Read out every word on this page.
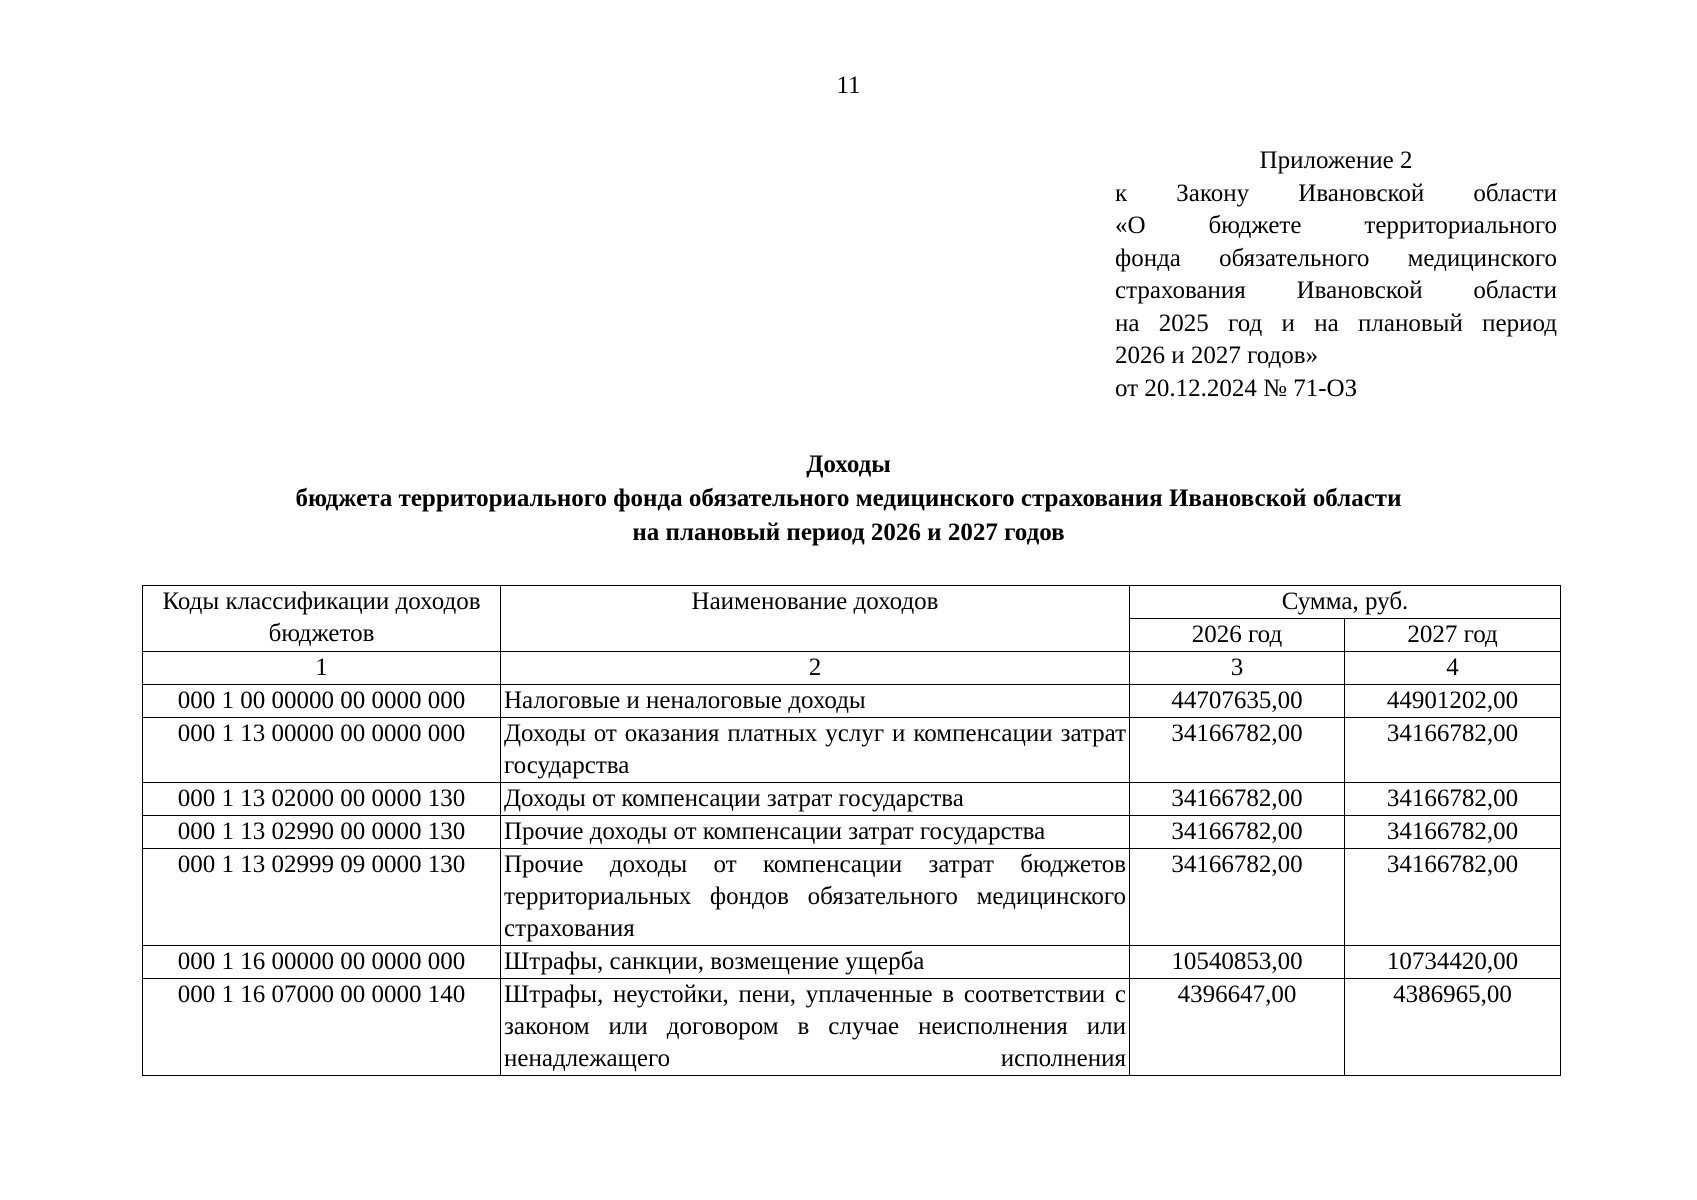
11
Приложение 2
к Закону Ивановской области
«О бюджете территориального
фонда обязательного медицинского
страхования Ивановской области
на 2025 год и на плановый период
2026 и 2027 годов»
от 20.12.2024 № 71-ОЗ
Доходы
бюджета территориального фонда обязательного медицинского страхования Ивановской области
на плановый период 2026 и 2027 годов
Коды классификации доходов бюджетов	Наименование доходов	Сумма, руб.	
		2026 год	2027 год
1	2	3	4
000 1 00 00000 00 0000 000	Налоговые и неналоговые доходы	44707635,00	44901202,00
000 1 13 00000 00 0000 000	Доходы от оказания платных услуг и компенсации затрат государства	34166782,00	34166782,00
000 1 13 02000 00 0000 130	Доходы от компенсации затрат государства	34166782,00	34166782,00
000 1 13 02990 00 0000 130	Прочие доходы от компенсации затрат государства	34166782,00	34166782,00
000 1 13 02999 09 0000 130	Прочие доходы от компенсации затрат бюджетов территориальных фондов обязательного медицинского страхования	34166782,00	34166782,00
000 1 16 00000 00 0000 000	Штрафы, санкции, возмещение ущерба	10540853,00	10734420,00
000 1 16 07000 00 0000 140	Штрафы, неустойки, пени, уплаченные в соответствии с законом или договором в случае неисполнения или ненадлежащего исполнения	4396647,00	4386965,00
